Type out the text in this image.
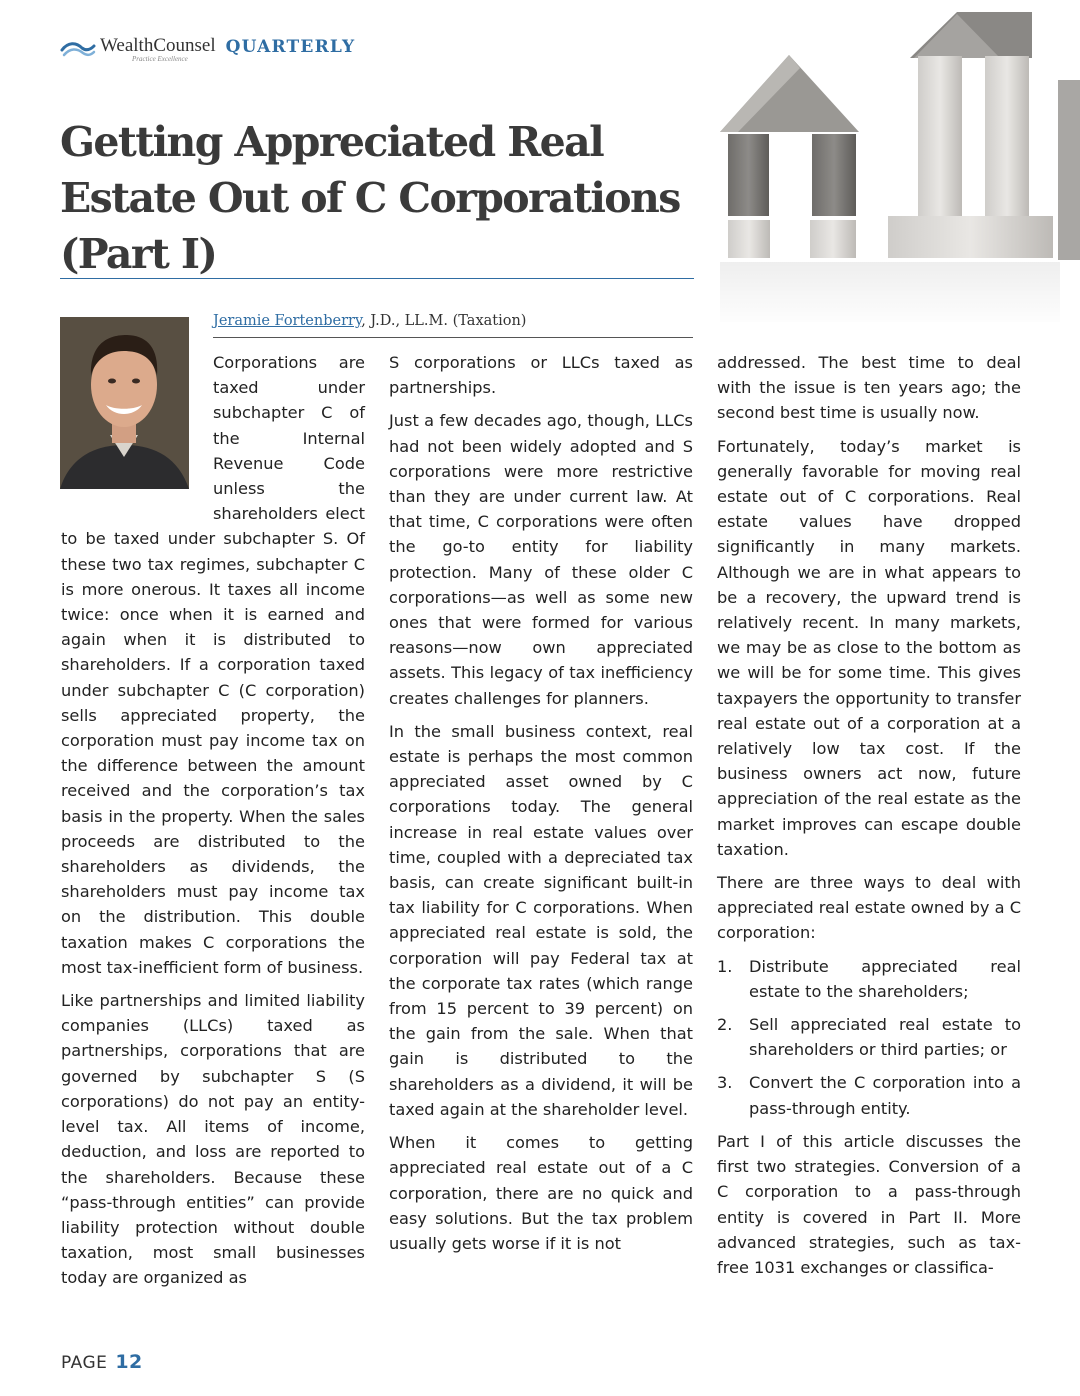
WealthCounsel
Practice Excellence
QUARTERLY
Getting Appreciated Real
Estate Out of C Corporations
(Part I)
Jeramie Fortenberry, J.D., LL.M. (Taxation)

Corporations are taxed under subchapter C of the Internal Revenue Code unless the shareholders elect to be taxed under subchapter S. Of these two tax regimes, subchapter C is more onerous. It taxes all income twice: once when it is earned and again when it is distributed to shareholders. If a corporation taxed under subchapter C (C corporation) sells appreciated property, the corporation must pay income tax on the difference between the amount received and the corporation’s tax basis in the property. When the sales proceeds are distributed to the shareholders as dividends, the shareholders must pay income tax on the distribution. This double taxation makes C corporations the most tax-inefficient form of business.

Like partnerships and limited liability companies (LLCs) taxed as partnerships, corporations that are governed by subchapter S (S corporations) do not pay an entity-level tax. All items of income, deduction, and loss are reported to the shareholders. Because these “pass-through entities” can provide liability protection without double taxation, most small businesses today are organized as

S corporations or LLCs taxed as partnerships.

Just a few decades ago, though, LLCs had not been widely adopted and S corporations were more restrictive than they are under current law. At that time, C corporations were often the go-to entity for liability protection. Many of these older C corporations—as well as some new ones that were formed for various reasons—now own appreciated assets. This legacy of tax inefficiency creates challenges for planners.

In the small business context, real estate is perhaps the most common appreciated asset owned by C corporations today. The general increase in real estate values over time, coupled with a depreciated tax basis, can create significant built-in tax liability for C corporations. When appreciated real estate is sold, the corporation will pay Federal tax at the corporate tax rates (which range from 15 percent to 39 percent) on the gain from the sale. When that gain is distributed to the shareholders as a dividend, it will be taxed again at the shareholder level.

When it comes to getting appreciated real estate out of a C corporation, there are no quick and easy solutions. But the tax problem usually gets worse if it is not

addressed. The best time to deal with the issue is ten years ago; the second best time is usually now.

Fortunately, today’s market is generally favorable for moving real estate out of C corporations. Real estate values have dropped significantly in many markets. Although we are in what appears to be a recovery, the upward trend is relatively recent. In many markets, we may be as close to the bottom as we will be for some time. This gives taxpayers the opportunity to transfer real estate out of a corporation at a relatively low tax cost. If the business owners act now, future appreciation of the real estate as the market improves can escape double taxation.

There are three ways to deal with appreciated real estate owned by a C corporation:

1.	Distribute appreciated real estate to the shareholders;
2.	Sell appreciated real estate to shareholders or third parties; or
3.	Convert the C corporation into a pass-through entity.

Part I of this article discusses the first two strategies. Conversion of a C corporation to a pass-through entity is covered in Part II. More advanced strategies, such as tax-free 1031 exchanges or classifica-

PAGE 12
